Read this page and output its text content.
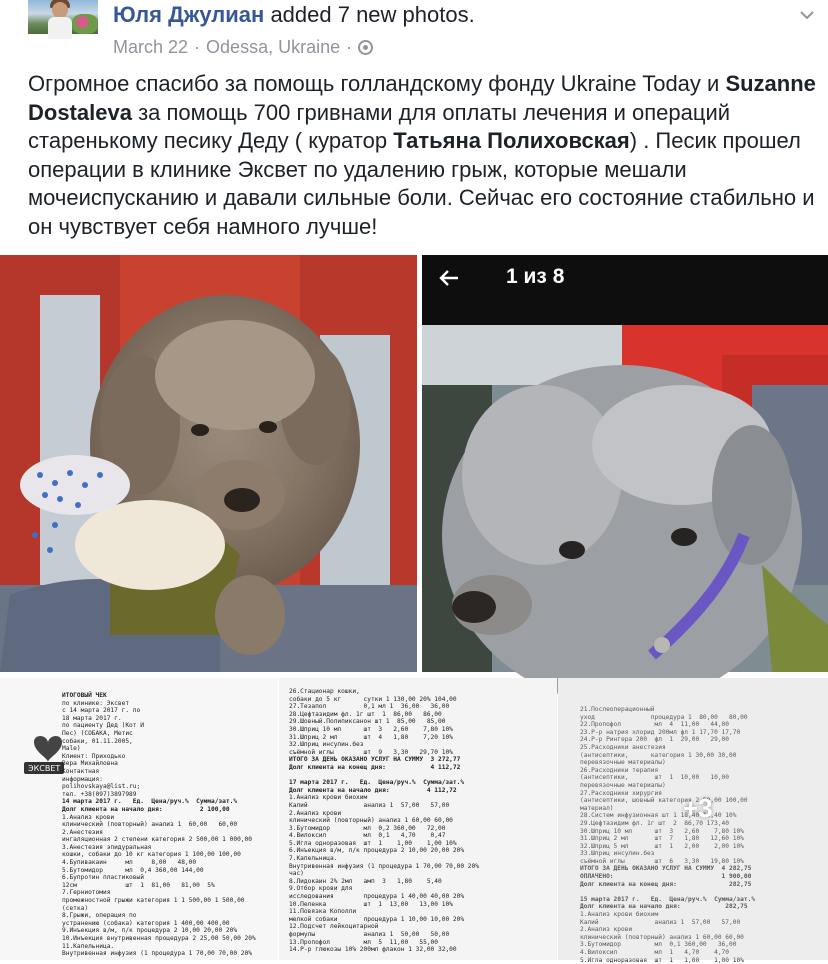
Юля Джулиан added 7 new photos.
March 22 · Odessa, Ukraine ·
Огромное спасибо за помощь голландскому фонду Ukraine Today и Suzanne Dostaleva за помощь 700 гривнами для оплаты лечения и операций старенькому песику Деду ( куратор Татьяна Полиховская) . Песик прошел операции в клинике Эксвет по удалению грыж, которые мешали мочеиспусканию и давали сильные боли. Сейчас его состояние стабильно и он чувствует себя намного лучше!
1 из 8
ЭКСВЕТ
ИТОГОВЫЙ ЧЕК
по клинике: Эксвет
с 14 марта 2017 г. по
18 марта 2017 г.
по пациенту Дед (Кот И
Пес) (СОБАКА, Метис
собаки, 01.11.2005,
Male)
Клиент: Приходько
Вера Михайловна
Контактная
информация:
polihovskaya@list.ru;
тел. +38(097)3897989
14 марта 2017 г.   Ед.  Цена/руч.%  Сумма/зат.%
Долг клиента на начало дня:          2 100,00
1.Анализ крови
клинический (повторный) анализ 1  60,00   60,00
2.Анестезия
ингаляционная 2 степени категория 2 500,00 1 000,00
3.Анестезия эпидуральная
кошки, собаки до 10 кг категория 1 100,00 100,00
4.Бупивакаин     мл     8,00   48,00
5.Бутомидор      мл  0,4 360,00 144,00
6.Бупротин пластиковый
12см             шт  1  81,00   81,00  5%
7.Герниотомия
промежностной грыжи категория 1 1 500,00 1 500,00
(сетка)
8.Грыжи, операция по
устранению (собака) категория 1 400,00 400,00
9.Инъекция в/м, п/к процедура 2 10,00 20,00 20%
10.Инъекция внутривенная процедура 2 25,00 50,00 20%
11.Капельница.
Внутривенная инфузия (1 процедура 1 70,00 70,00 20%
26.Стационар кошки,
собаки до 5 кг      сутки 1 130,00 20% 104,00
27.Тезапол          0,1 мл 1  36,00   36,00
28.Цефтазидим фл. 1г шт  1  86,00   86,00
29.Шовный.Полипиксанон шт 1  85,00   85,00
30.Шприц 10 мл      шт  3   2,60    7,80 10%
31.Шприц 2 мл       шт  4   1,80    7,20 10%
32.Шприц инсулин.без
съёмной иглы        шт  9   3,30   29,70 10%
ИТОГО ЗА ДЕНЬ ОКАЗАНО УСЛУГ НА СУММУ  3 272,77
Долг клиента на конец дня:            4 112,72

17 марта 2017 г.   Ед.  Цена/руч.%  Сумма/зат.%
Долг клиента на начало дня:          4 112,72
1.Анализ крови биохим
Калий               анализ 1  57,00   57,00
2.Анализ крови
клинический (повторный) анализ 1 60,00 60,00
3.Бутомидор         мл  0,2 360,00   72,00
4.Вилоксил          мл  0,1   4,70    0,47
5.Игла одноразовая  шт  1    1,00    1,00 10%
6.Инъекция в/м, п/к процедура 2 10,00 20,00 20%
7.Капельница.
Внутривенная инфузия (1 процедура 1 70,00 70,00 20%
час)
8.Лидокаин 2% 2мл   амп  3   1,80    5,40
9.Отбор крови для
исследования        процедура 1 40,00 40,00 20%
10.Пеленка          шт  1  13,00   13,00 10%
11.Повязка Кополли
мелкой собаки       процедура 1 10,00 10,00 20%
12.Подсчет лейкоцитарной
формулы             анализ 1  50,00   50,00
13.Пропофол         мл  5  11,00   55,00
14.Р-р глюкозы 10% 200мл флакон 1 32,00 32,00
21.Послеоперационный
уход               процедура 1  80,00   80,00
22.Пропофол         мл  4  11,00   44,00
23.Р-р натрия хлорид 200мл фл 1 17,70 17,70
24.Р-р Рингера 200  фл  1  29,00   29,00
25.Расходники анестезия
(антисептики,      категория 1 30,00 30,00
перевязочные материалы)
26.Расходники терапия
(антисептики,       шт  1  10,00   10,00
перевязочные материалы)
27.Расходники хирургия
(антисептики, шовный категория 2 50,00 100,00
материал)
28.Систем инфузионная шт 1 18,40 16,40 10%
29.Цефтазидим фл. 1г шт  2  86,70 173,40
30.Шприц 10 мл      шт  3   2,60    7,80 10%
31.Шприц 2 мл       шт  7   1,80   12,60 10%
32.Шприц 5 мл       шт  1   2,00    2,00 10%
33.Шприц инсулин.без
съёмной иглы        шт  6   3,30   19,80 10%
ИТОГО ЗА ДЕНЬ ОКАЗАНО УСЛУГ НА СУММУ  4 282,75
ОПЛАЧЕНО:                             1 900,00
Долг клиента на конец дня:              282,75

15 марта 2017 г.   Ед.  Цена/руч.%  Сумма/зат.%
Долг клиента на начало дня:            282,75
1.Анализ крови биохим
Калий               анализ 1  57,00   57,00
2.Анализ крови
клинический (повторный) анализ 1 60,00 60,00
3.Бутомидор         мл  0,1 360,00   36,00
4.Вилоксил          мл  1   4,70    4,70
5.Игла одноразовая  шт  1   1,00    1,00 10%
+3
